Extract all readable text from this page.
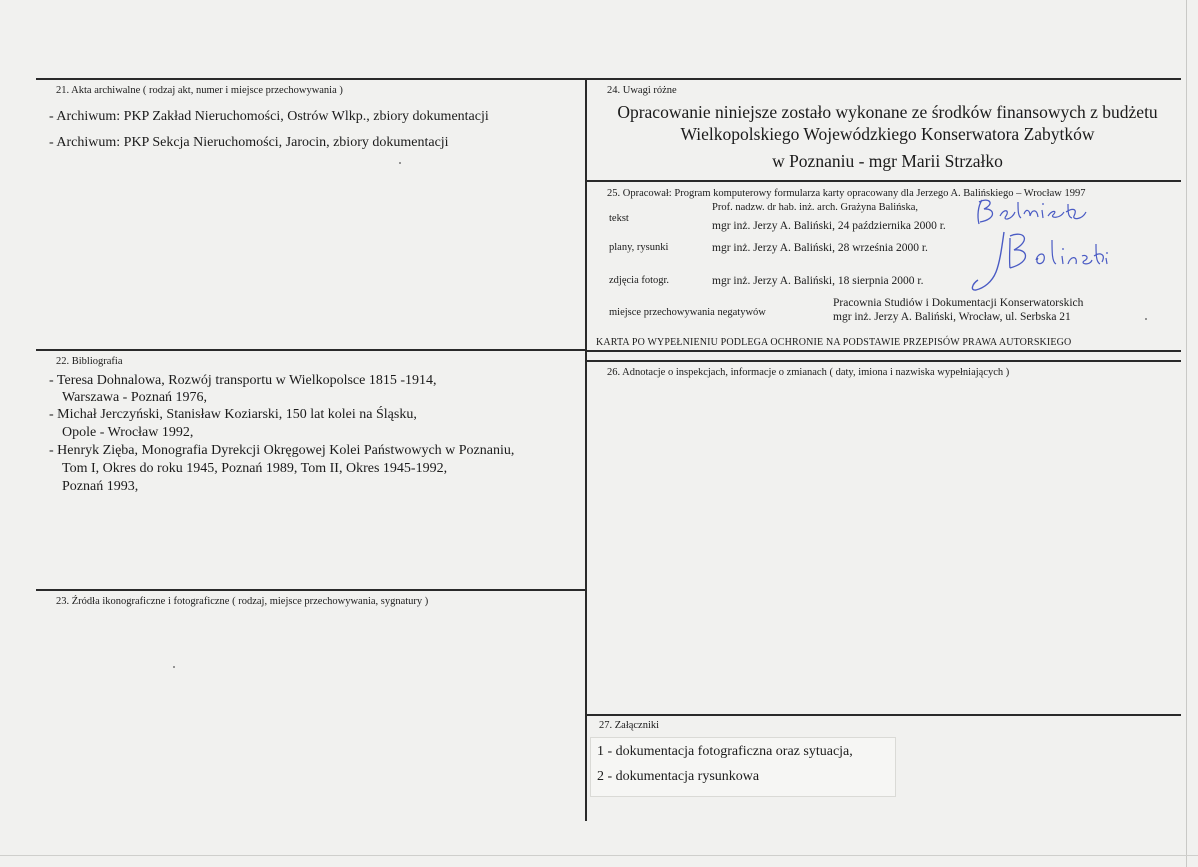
21. Akta archiwalne ( rodzaj akt, numer i miejsce przechowywania )
- Archiwum: PKP Zakład Nieruchomości, Ostrów Wlkp., zbiory dokumentacji
- Archiwum: PKP Sekcja Nieruchomości, Jarocin, zbiory dokumentacji
22. Bibliografia
- Teresa Dohnalowa, Rozwój transportu w Wielkopolsce 1815 -1914,
Warszawa - Poznań 1976,
- Michał Jerczyński, Stanisław Koziarski, 150 lat kolei na Śląsku,
Opole - Wrocław 1992,
- Henryk Zięba, Monografia Dyrekcji Okręgowej Kolei Państwowych w Poznaniu,
Tom I, Okres do roku 1945, Poznań 1989, Tom II, Okres 1945-1992,
Poznań 1993,
23. Źródła ikonograficzne i fotograficzne ( rodzaj, miejsce przechowywania, sygnatury )
24. Uwagi różne
Opracowanie niniejsze zostało wykonane ze środków finansowych z budżetu
Wielkopolskiego Wojewódzkiego Konserwatora Zabytków
w Poznaniu - mgr Marii Strzałko
25. Opracował: Program komputerowy formularza karty opracowany dla Jerzego A. Balińskiego – Wrocław 1997
tekst
Prof. nadzw. dr hab. inż. arch. Grażyna Balińska,
mgr inż. Jerzy A. Baliński, 24 października 2000 r.
plany, rysunki	mgr inż. Jerzy A. Baliński, 28 września 2000 r.
zdjęcia fotogr.	mgr inż. Jerzy A. Baliński, 18 sierpnia 2000 r.
miejsce przechowywania negatywów
Pracownia Studiów i Dokumentacji Konserwatorskich
mgr inż. Jerzy A. Baliński, Wrocław, ul. Serbska 21
KARTA PO WYPEŁNIENIU PODLEGA OCHRONIE NA PODSTAWIE PRZEPISÓW PRAWA AUTORSKIEGO
26. Adnotacje o inspekcjach, informacje o zmianach ( daty, imiona i nazwiska wypełniających )
27. Załączniki
1 - dokumentacja fotograficzna oraz sytuacja,
2 - dokumentacja rysunkowa
